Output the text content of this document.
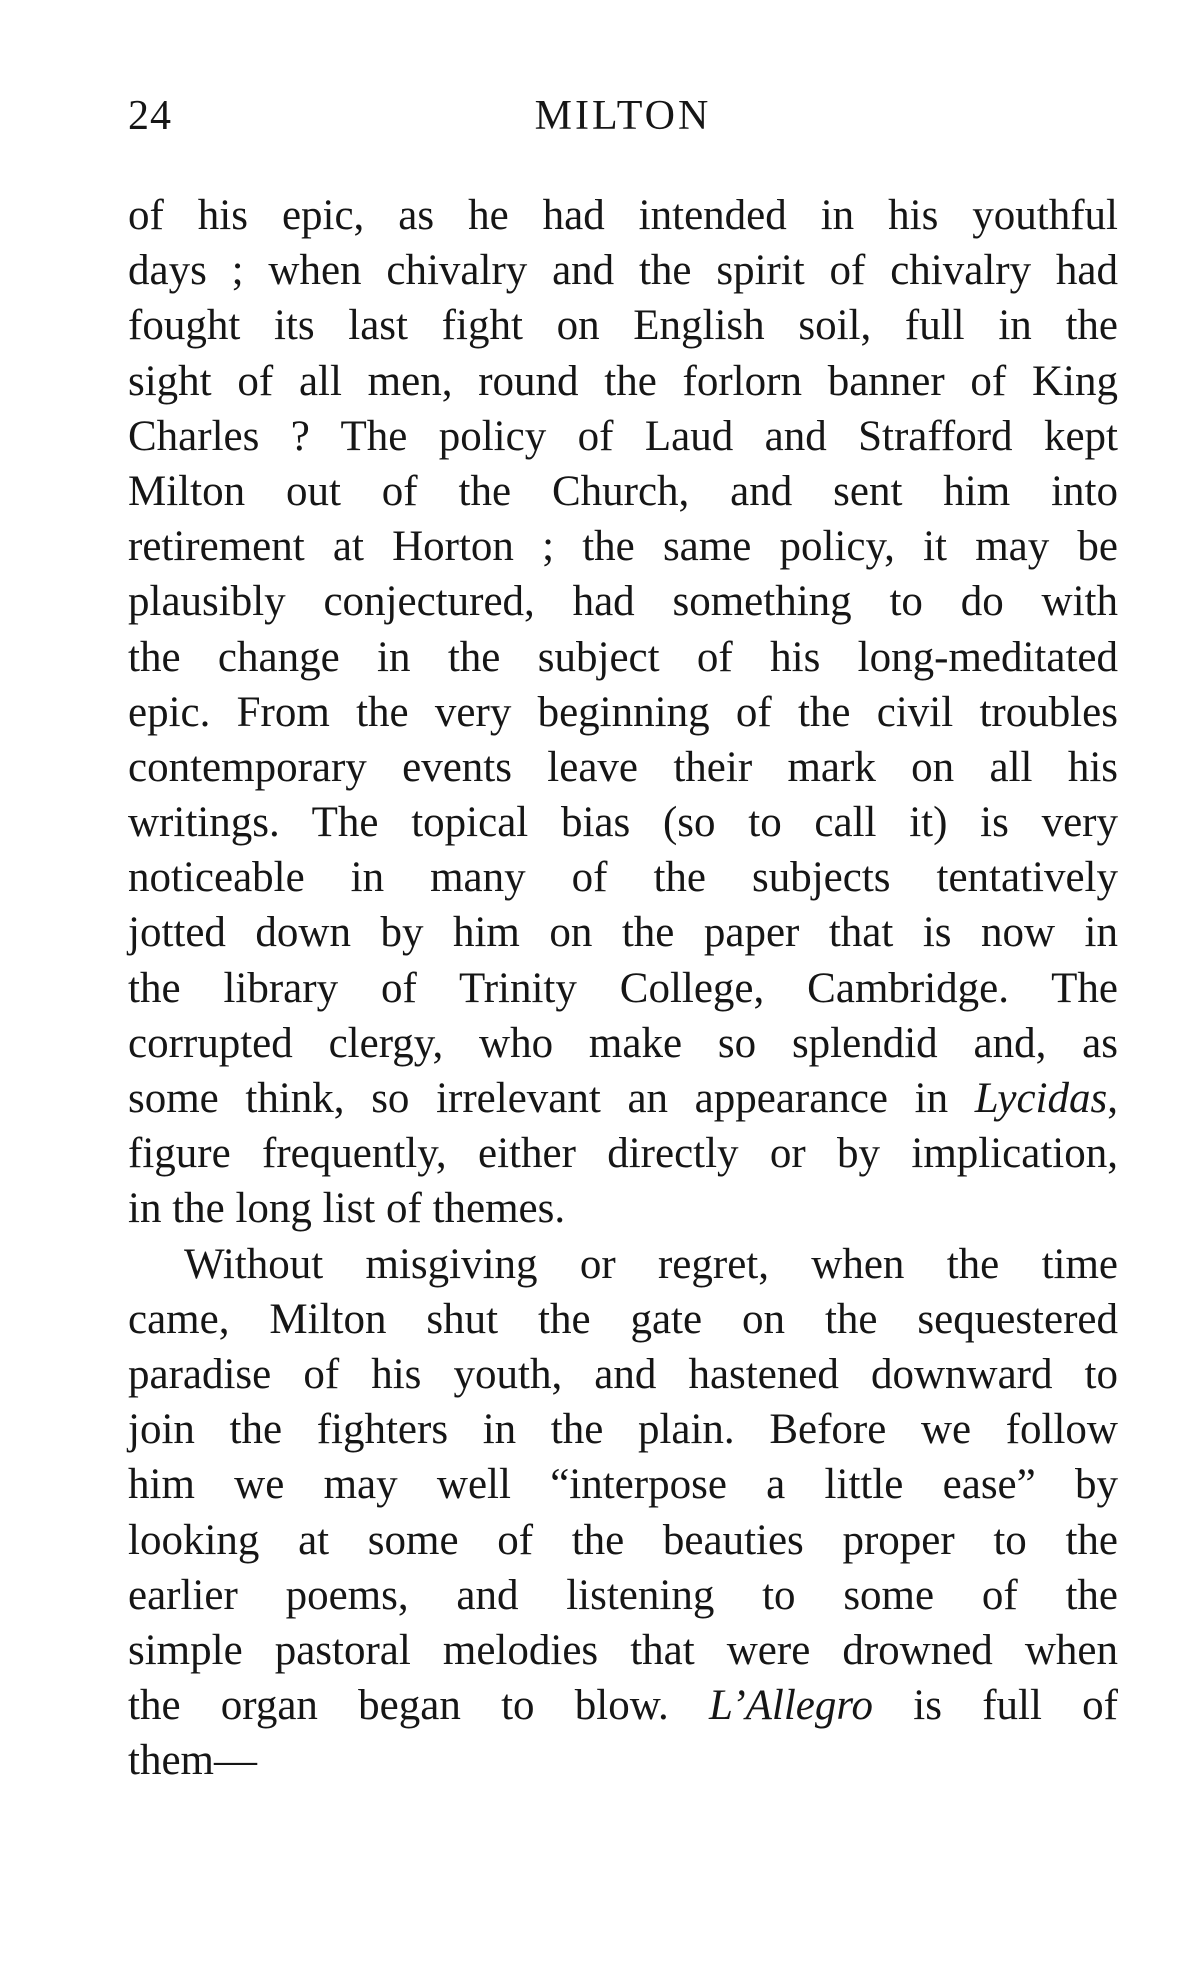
24	MILTON
of his epic, as he had intended in his youthful
days ; when chivalry and the spirit of chivalry had
fought its last fight on English soil, full in the
sight of all men, round the forlorn banner of King
Charles ? The policy of Laud and Strafford kept
Milton out of the Church, and sent him into
retirement at Horton ; the same policy, it may be
plausibly conjectured, had something to do with
the change in the subject of his long-meditated
epic. From the very beginning of the civil troubles
contemporary events leave their mark on all his
writings. The topical bias (so to call it) is very
noticeable in many of the subjects tentatively
jotted down by him on the paper that is now in
the library of Trinity College, Cambridge. The
corrupted clergy, who make so splendid and, as
some think, so irrelevant an appearance in Lycidas,
figure frequently, either directly or by implication,
in the long list of themes.
Without misgiving or regret, when the time
came, Milton shut the gate on the sequestered
paradise of his youth, and hastened downward to
join the fighters in the plain. Before we follow
him we may well “interpose a little ease” by
looking at some of the beauties proper to the
earlier poems, and listening to some of the
simple pastoral melodies that were drowned when
the organ began to blow. L’Allegro is full of
them—
